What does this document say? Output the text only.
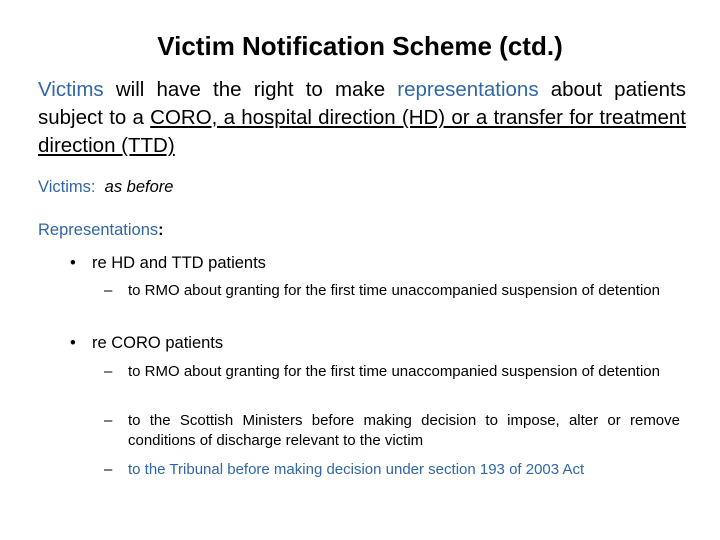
Victim Notification Scheme (ctd.)
Victims will have the right to make representations about patients subject to a CORO, a hospital direction (HD) or a transfer for treatment direction (TTD)
Victims: as before
Representations:
• re HD and TTD patients
–	to RMO about granting for the first time unaccompanied suspension of detention
• re CORO patients
–	to RMO about granting for the first time unaccompanied suspension of detention
–	to the Scottish Ministers before making decision to impose, alter or remove conditions of discharge relevant to the victim
–	to the Tribunal before making decision under section 193 of 2003 Act
